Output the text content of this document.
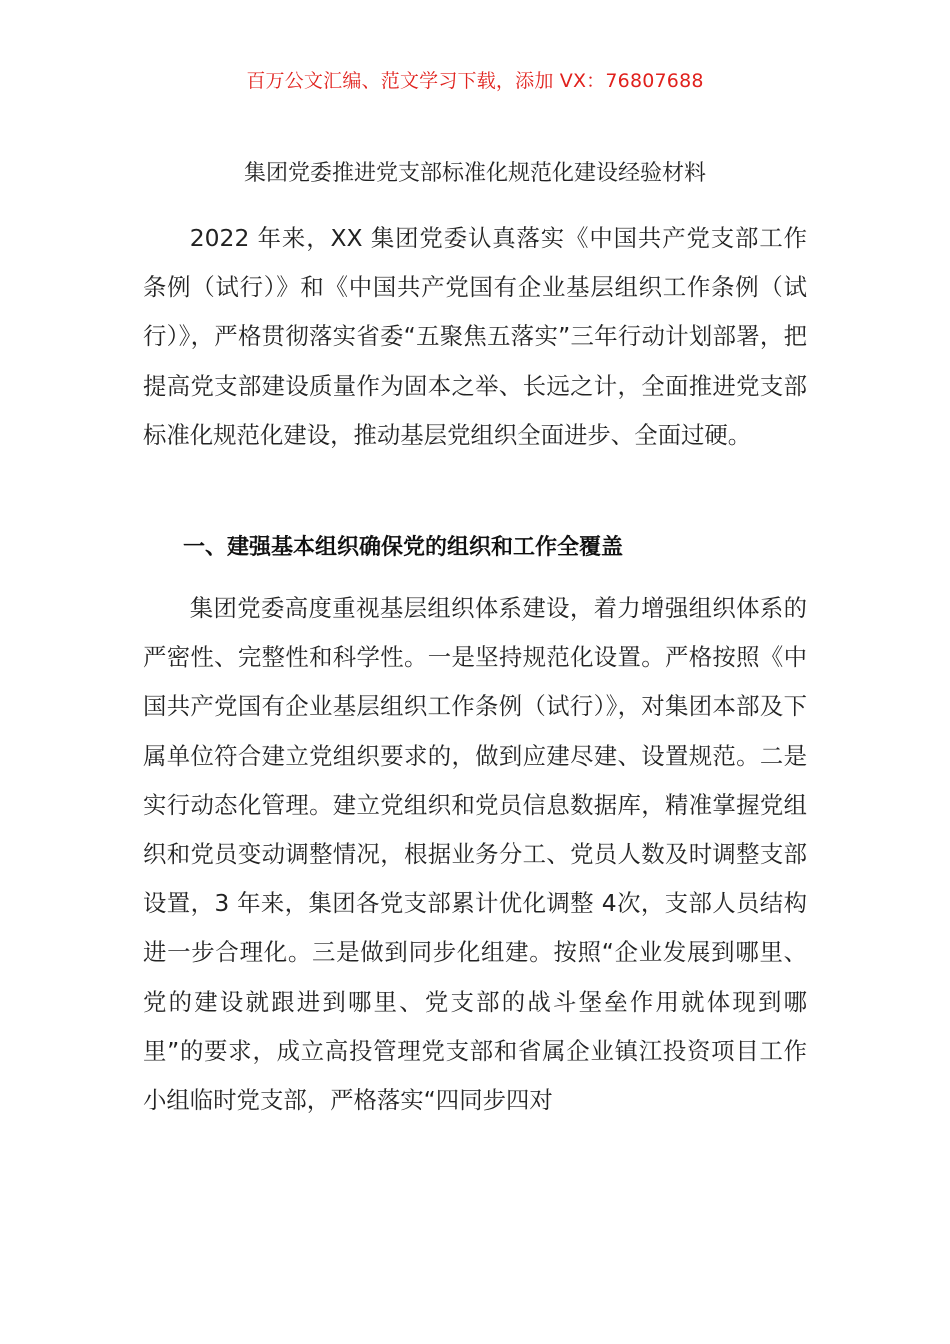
百万公文汇编、范文学习下载，添加 VX：76807688
集团党委推进党支部标准化规范化建设经验材料

2022 年来，XX 集团党委认真落实《中国共产党支部工作条例（试行）》和《中国共产党国有企业基层组织工作条例（试行）》，严格贯彻落实省委“五聚焦五落实”三年行动计划部署，把提高党支部建设质量作为固本之举、长远之计，全面推进党支部标准化规范化建设，推动基层党组织全面进步、全面过硬。

一、建强基本组织确保党的组织和工作全覆盖

集团党委高度重视基层组织体系建设，着力增强组织体系的严密性、完整性和科学性。一是坚持规范化设置。严格按照《中国共产党国有企业基层组织工作条例（试行）》，对集团本部及下属单位符合建立党组织要求的，做到应建尽建、设置规范。二是实行动态化管理。建立党组织和党员信息数据库，精准掌握党组织和党员变动调整情况，根据业务分工、党员人数及时调整支部设置，3 年来，集团各党支部累计优化调整 4次，支部人员结构进一步合理化。三是做到同步化组建。按照“企业发展到哪里、党的建设就跟进到哪里、党支部的战斗堡垒作用就体现到哪里”的要求，成立高投管理党支部和省属企业镇江投资项目工作小组临时党支部，严格落实“四同步四对
